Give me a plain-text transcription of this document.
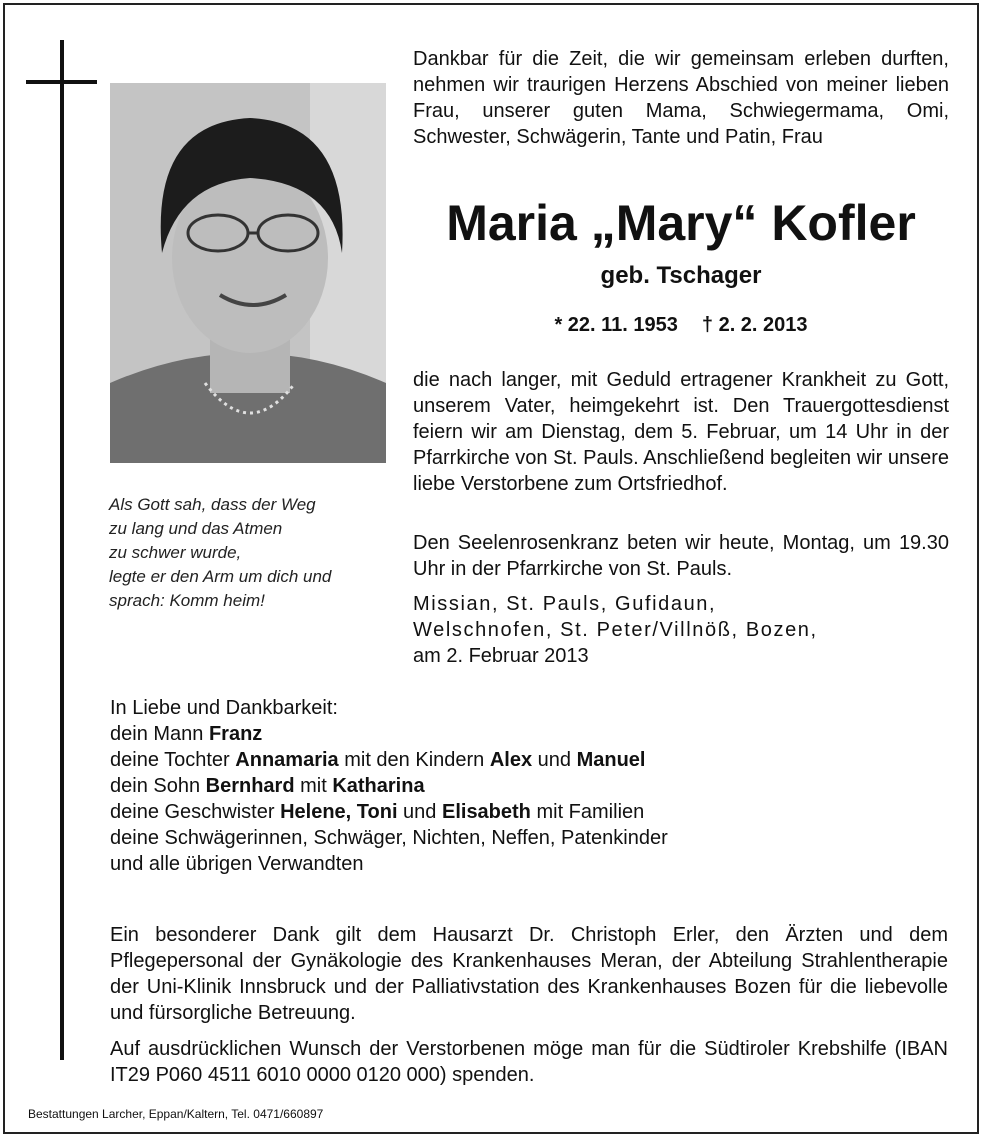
Als Gott sah, dass der Weg
zu lang und das Atmen
zu schwer wurde,
legte er den Arm um dich und
sprach: Komm heim!
Dankbar für die Zeit, die wir gemeinsam erleben durften, nehmen wir traurigen Herzens Abschied von meiner lieben Frau, unserer guten Mama, Schwiegermama, Omi, Schwester, Schwägerin, Tante und Patin, Frau
Maria „Mary“ Kofler
geb. Tschager
* 22. 11. 1953 † 2. 2. 2013
die nach langer, mit Geduld ertragener Krankheit zu Gott, unserem Vater, heimgekehrt ist. Den Trauergottesdienst feiern wir am Dienstag, dem 5. Februar, um 14 Uhr in der Pfarrkirche von St. Pauls. Anschließend begleiten wir unsere liebe Verstorbene zum Ortsfriedhof.
Den Seelenrosenkranz beten wir heute, Montag, um 19.30 Uhr in der Pfarrkirche von St. Pauls.
Missian, St. Pauls, Gufidaun,
Welschnofen, St. Peter/Villnöß, Bozen,
am 2. Februar 2013
In Liebe und Dankbarkeit:
dein Mann Franz
deine Tochter Annamaria mit den Kindern Alex und Manuel
dein Sohn Bernhard mit Katharina
deine Geschwister Helene, Toni und Elisabeth mit Familien
deine Schwägerinnen, Schwäger, Nichten, Neffen, Patenkinder
und alle übrigen Verwandten
Ein besonderer Dank gilt dem Hausarzt Dr. Christoph Erler, den Ärzten und dem Pflegepersonal der Gynäkologie des Krankenhauses Meran, der Abteilung Strahlentherapie der Uni-Klinik Innsbruck und der Palliativstation des Krankenhauses Bozen für die liebevolle und fürsorgliche Betreuung.
Auf ausdrücklichen Wunsch der Verstorbenen möge man für die Südtiroler Krebshilfe (IBAN IT29 P060 4511 6010 0000 0120 000) spenden.
Bestattungen Larcher, Eppan/Kaltern, Tel. 0471/660897
